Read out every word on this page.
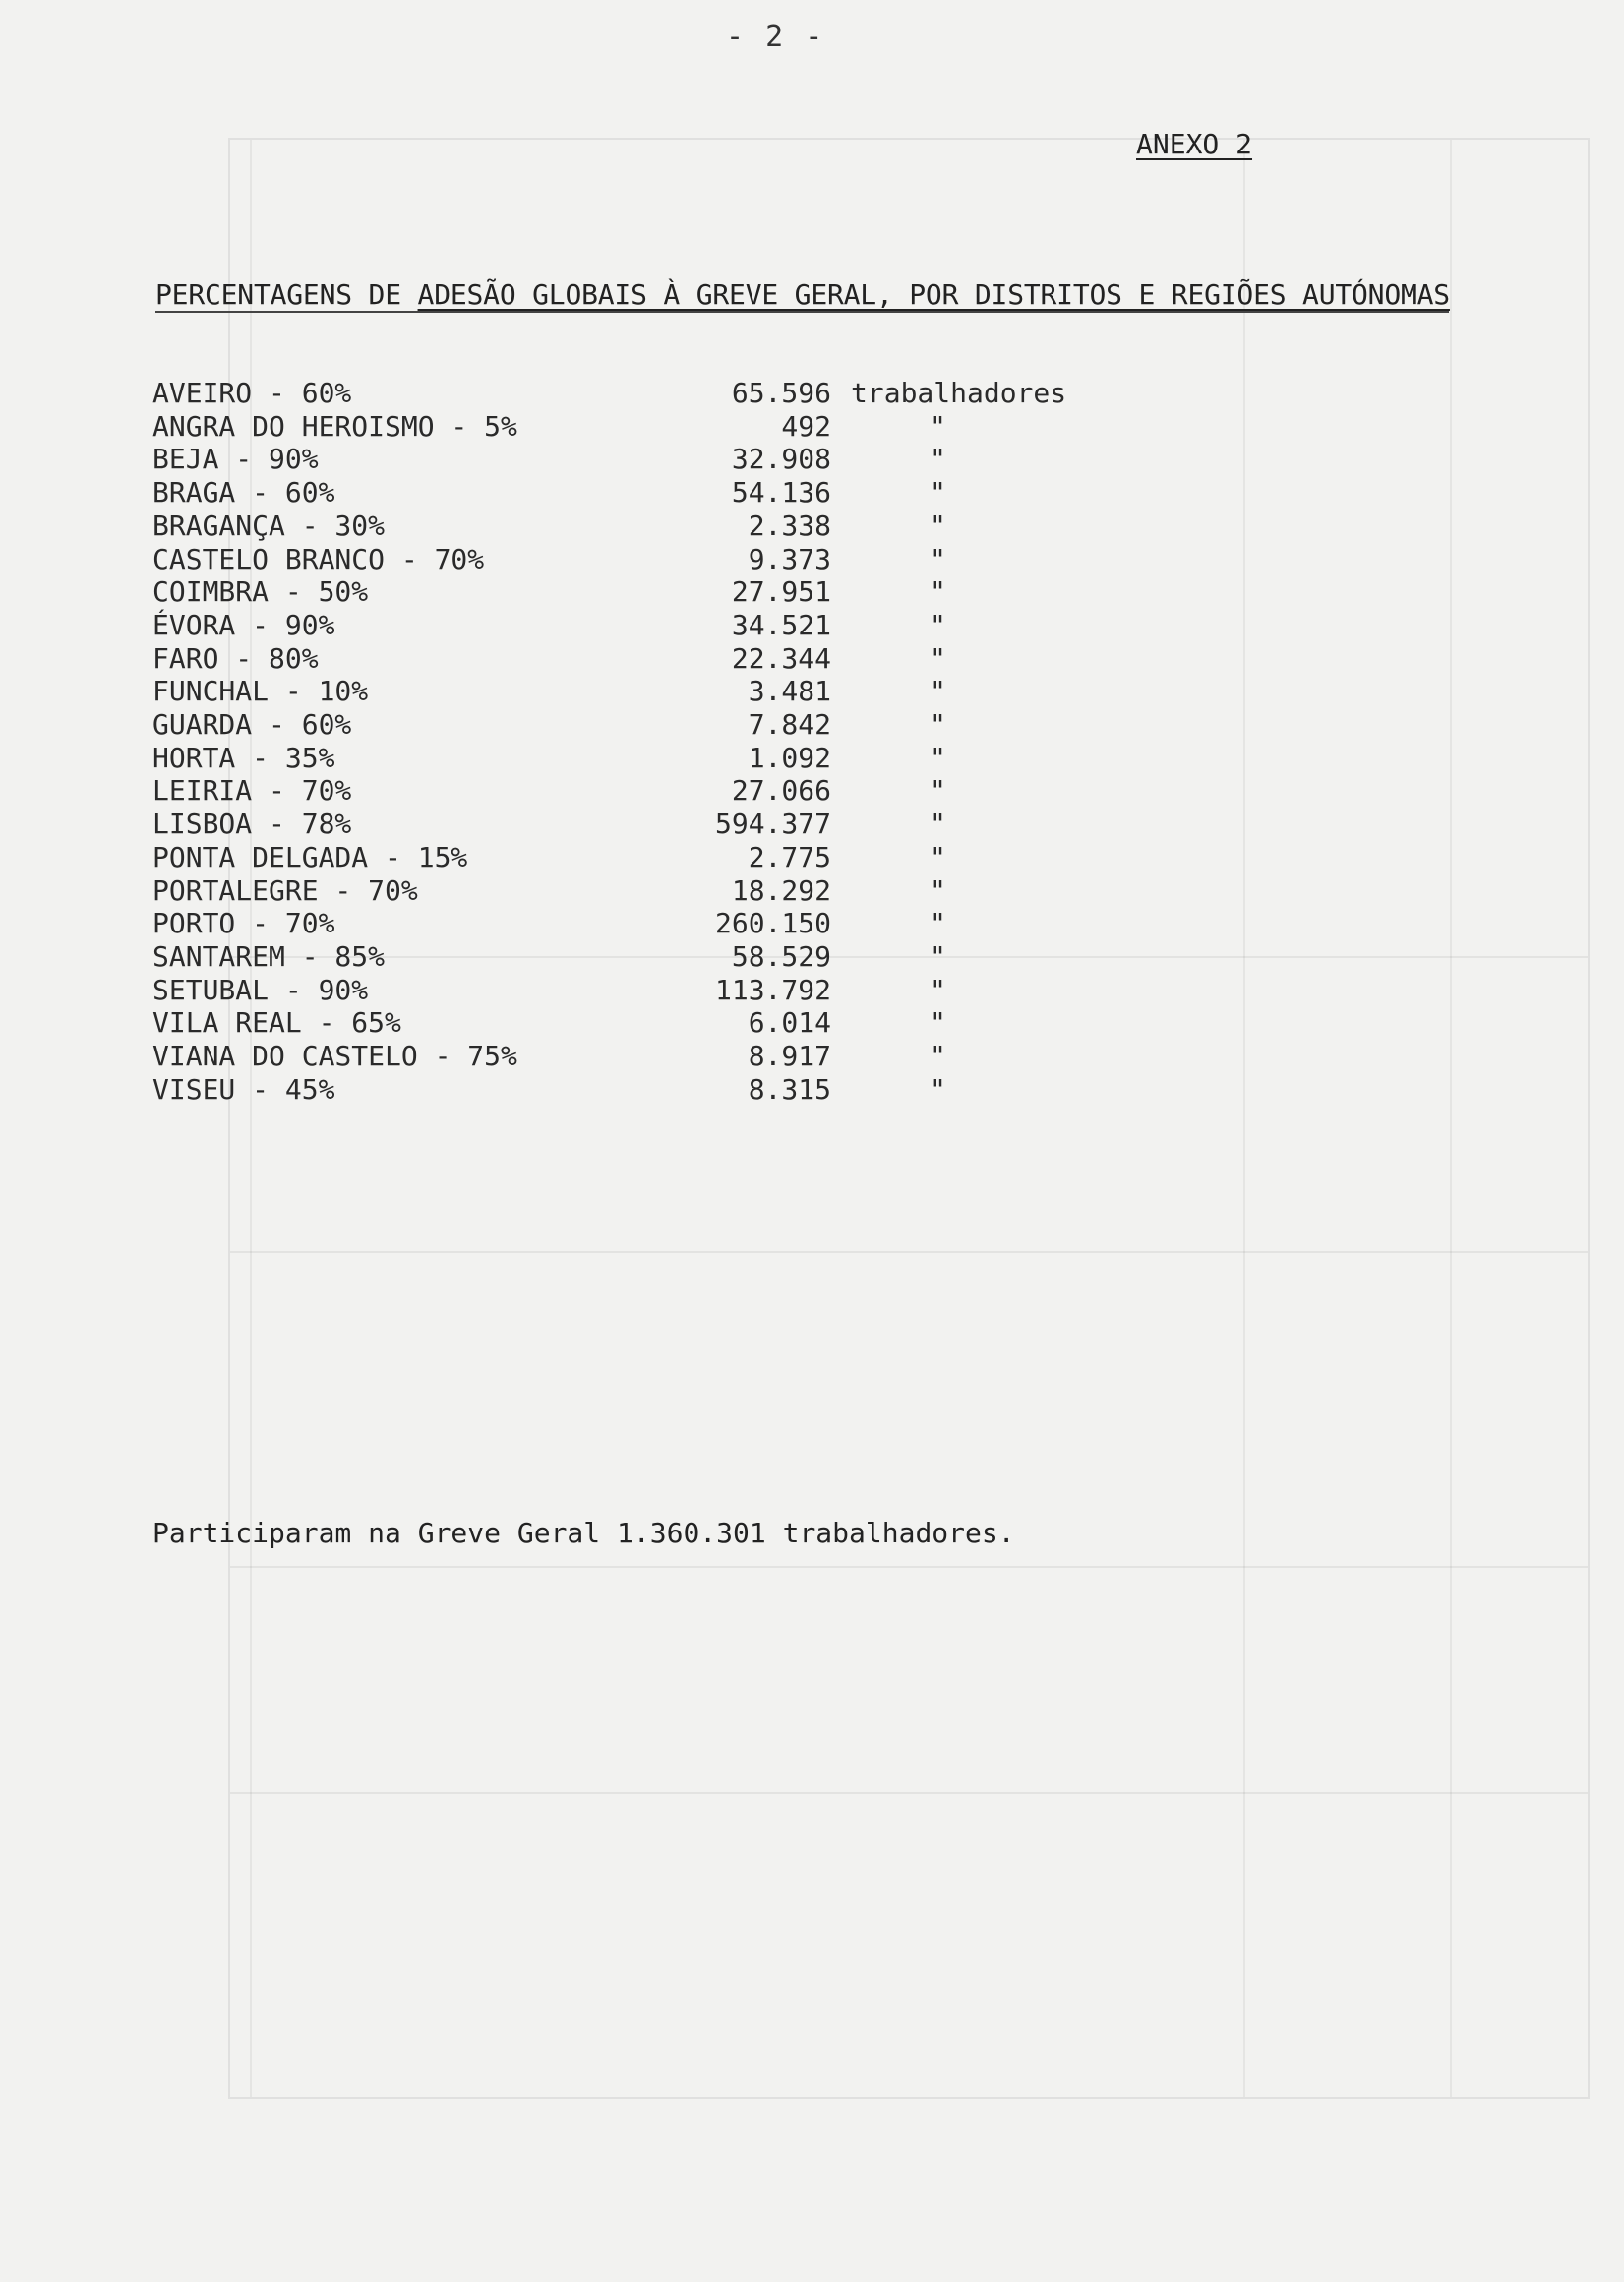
- 2 -
ANEXO 2
PERCENTAGENS DE ADESÃO GLOBAIS À GREVE GERAL, POR DISTRITOS E REGIÕES AUTÓNOMAS
AVEIRO - 60%	65.596 trabalhadores
ANGRA DO HEROISMO - 5%	492	"
BEJA - 90%	32.908	"
BRAGA - 60%	54.136	"
BRAGANÇA - 30%	2.338	"
CASTELO BRANCO - 70%	9.373	"
COIMBRA - 50%	27.951	"
ÉVORA - 90%	34.521	"
FARO - 80%	22.344	"
FUNCHAL - 10%	3.481	"
GUARDA - 60%	7.842	"
HORTA - 35%	1.092	"
LEIRIA - 70%	27.066	"
LISBOA - 78%	594.377	"
PONTA DELGADA - 15%	2.775	"
PORTALEGRE - 70%	18.292	"
PORTO - 70%	260.150	"
SANTAREM - 85%	58.529	"
SETUBAL - 90%	113.792	"
VILA REAL - 65%	6.014	"
VIANA DO CASTELO - 75%	8.917	"
VISEU - 45%	8.315	"
Participaram na Greve Geral 1.360.301 trabalhadores.
